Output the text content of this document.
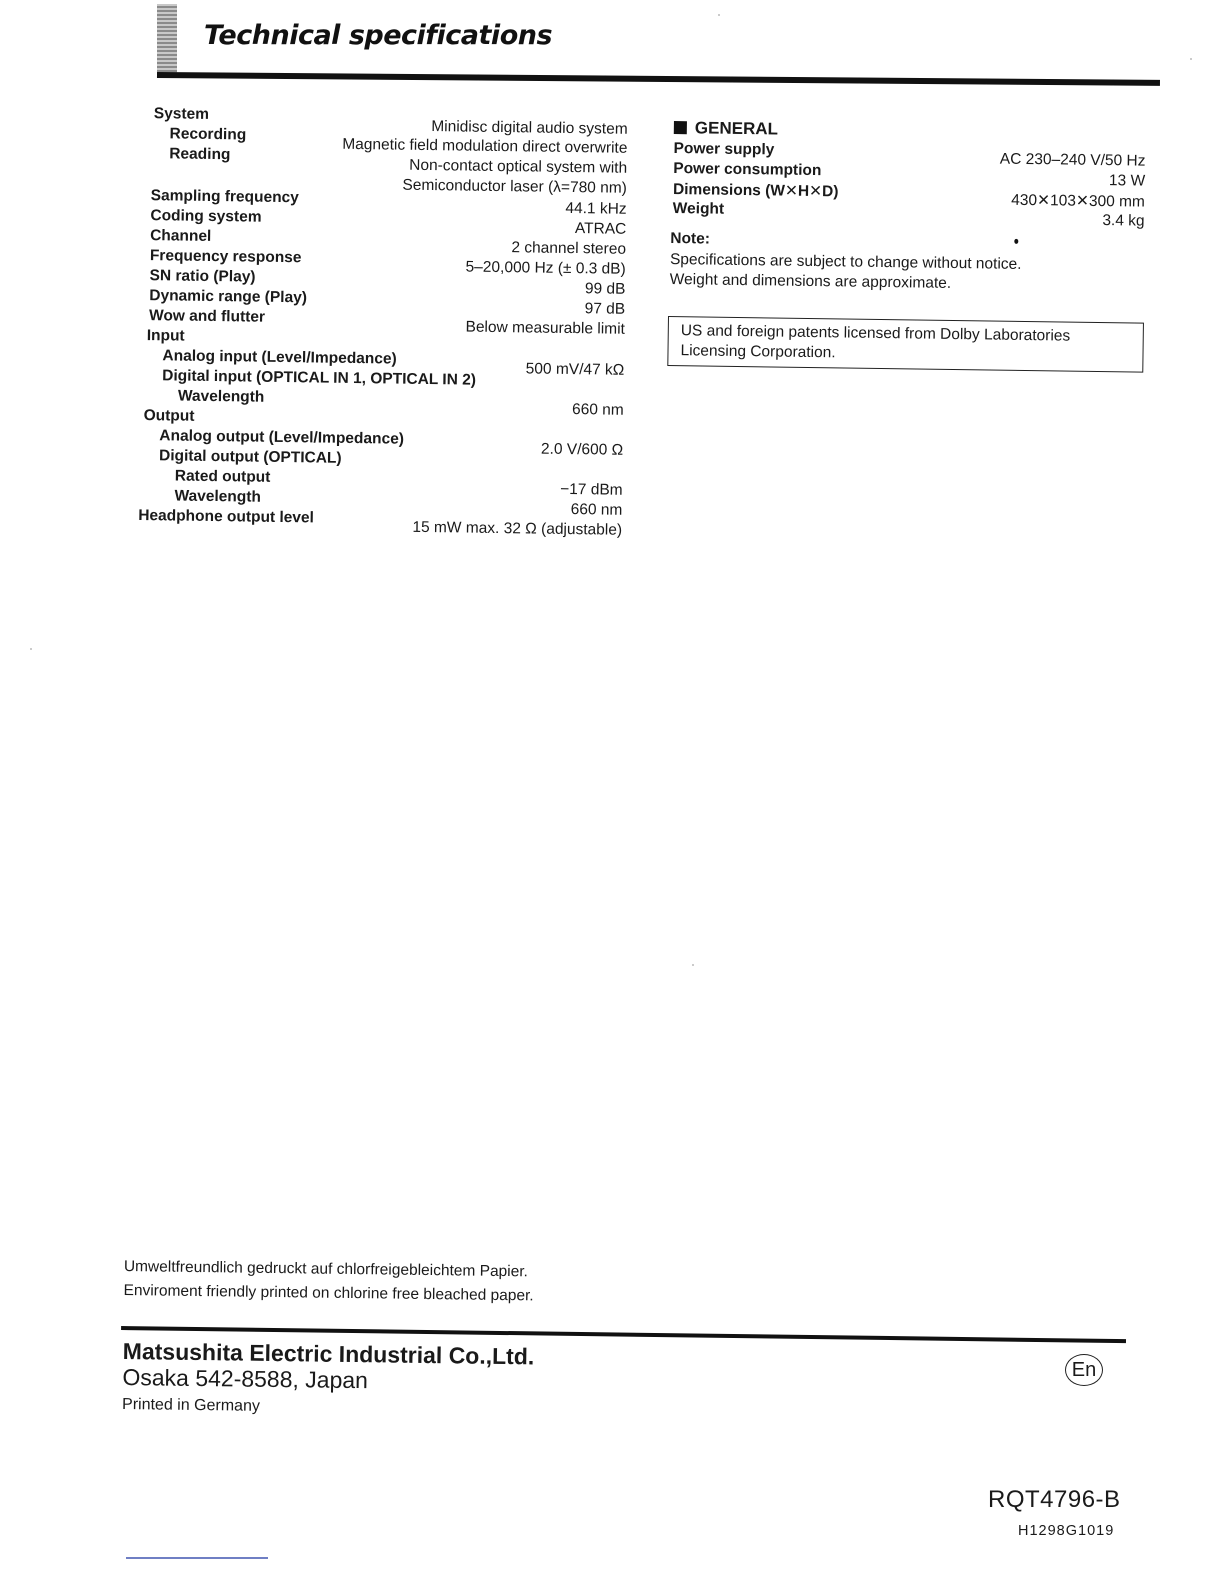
Technical specifications
System
Minidisc digital audio system
Recording
Magnetic field modulation direct overwrite
Reading
Non-contact optical system with
Semiconductor laser (λ=780 nm)
Sampling frequency
44.1 kHz
Coding system
ATRAC
Channel
2 channel stereo
Frequency response
5–20,000 Hz (± 0.3 dB)
SN ratio (Play)
99 dB
Dynamic range (Play)
97 dB
Wow and flutter
Below measurable limit
Input
Analog input (Level/Impedance)
500 mV/47 kΩ
Digital input (OPTICAL IN 1, OPTICAL IN 2)
Wavelength
660 nm
Output
Analog output (Level/Impedance)
2.0 V/600 Ω
Digital output (OPTICAL)
Rated output
−17 dBm
Wavelength
660 nm
Headphone output level
15 mW max. 32 Ω (adjustable)
GENERAL
Power supply
AC 230–240 V/50 Hz
Power consumption
13 W
Dimensions (W✕H✕D)
430✕103✕300 mm
Weight
3.4 kg
Note:
Specifications are subject to change without notice.
Weight and dimensions are approximate.
US and foreign patents licensed from Dolby Laboratories
Licensing Corporation.
Umweltfreundlich gedruckt auf chlorfreigebleichtem Papier.
Enviroment friendly printed on chlorine free bleached paper.
Matsushita Electric Industrial Co.,Ltd.
Osaka 542-8588, Japan
Printed in Germany
En
RQT4796-B
H1298G1019
